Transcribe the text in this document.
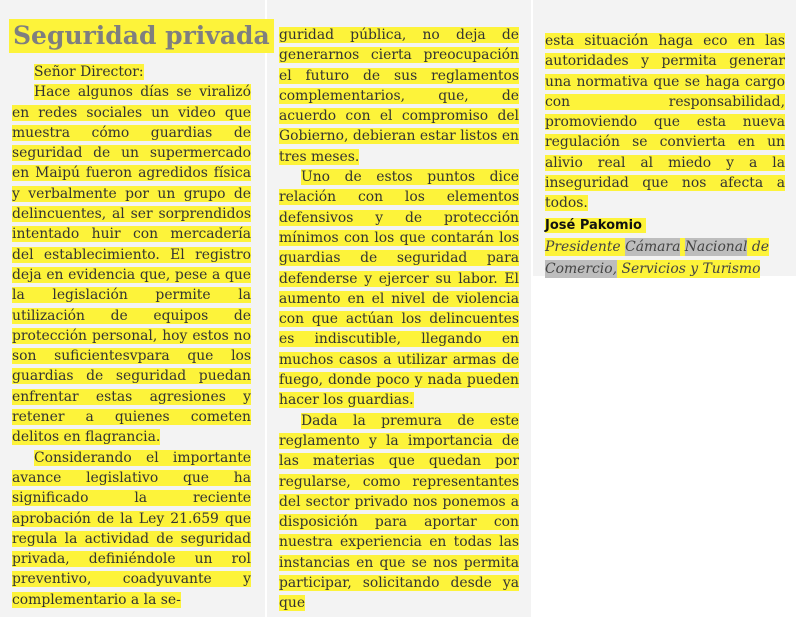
Seguridad privada

Señor Director:

Hace algunos días se viralizó en redes sociales un video que muestra cómo guardias de seguridad de un supermercado en Maipú fueron agredidos física y verbalmente por un grupo de delincuentes, al ser sorprendidos intentado huir con mercadería del establecimiento. El registro deja en evidencia que, pese a que la legislación permite la utilización de equipos de protección personal, hoy estos no son suficientesvpara que los guardias de seguridad puedan enfrentar estas agresiones y retener a quienes cometen delitos en flagrancia.

Considerando el importante avance legislativo que ha significado la reciente aprobación de la Ley 21.659 que regula la actividad de seguridad privada, definiéndole un rol preventivo, coadyuvante y complementario a la se-

guridad pública, no deja de generarnos cierta preocupación el futuro de sus reglamentos complementarios, que, de acuerdo con el compromiso del Gobierno, debieran estar listos en tres meses.

Uno de estos puntos dice relación con los elementos defensivos y de protección mínimos con los que contarán los guardias de seguridad para defenderse y ejercer su labor. El aumento en el nivel de violencia con que actúan los delincuentes es indiscutible, llegando en muchos casos a utilizar armas de fuego, donde poco y nada pueden hacer los guardias.

Dada la premura de este reglamento y la importancia de las materias que quedan por regularse, como representantes del sector privado nos ponemos a disposición para aportar con nuestra experiencia en todas las instancias en que se nos permita participar, solicitando desde ya que

esta situación haga eco en las autoridades y permita generar una normativa que se haga cargo con responsabilidad, promoviendo que esta nueva regulación se convierta en un alivio real al miedo y a la inseguridad que nos afecta a todos.

José Pakomio
Presidente Cámara Nacional de
Comercio, Servicios y Turismo
